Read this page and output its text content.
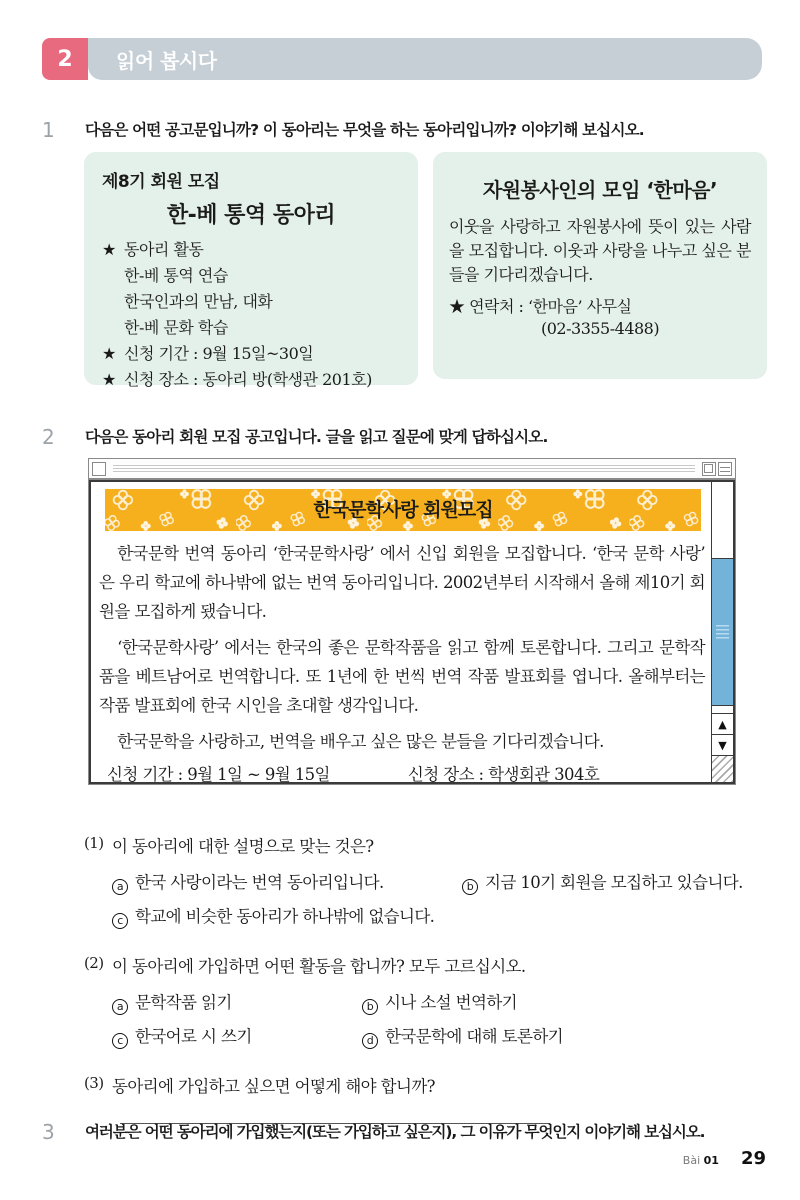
2	읽어 봅시다
1	다음은 어떤 공고문입니까? 이 동아리는 무엇을 하는 동아리입니까? 이야기해 보십시오.
제8기 회원 모집
한-베 통역 동아리
★ 동아리 활동
한-베 통역 연습
한국인과의 만남, 대화
한-베 문화 학습
★ 신청 기간 : 9월 15일~30일
★ 신청 장소 : 동아리 방(학생관 201호)
자원봉사인의 모임 ‘한마음’
이웃을 사랑하고 자원봉사에 뜻이 있는 사람을 모집합니다. 이웃과 사랑을 나누고 싶은 분들을 기다리겠습니다.
★ 연락처 : ‘한마음’ 사무실
(02-3355-4488)
2	다음은 동아리 회원 모집 공고입니다. 글을 읽고 질문에 맞게 답하십시오.
한국문학사랑 회원모집

한국문학 번역 동아리 ‘한국문학사랑’ 에서 신입 회원을 모집합니다. ‘한국 문학 사랑’ 은 우리 학교에 하나밖에 없는 번역 동아리입니다. 2002년부터 시작해서 올해 제10기 회원을 모집하게 됐습니다.

‘한국문학사랑’ 에서는 한국의 좋은 문학작품을 읽고 함께 토론합니다. 그리고 문학작품을 베트남어로 번역합니다. 또 1년에 한 번씩 번역 작품 발표회를 엽니다. 올해부터는 작품 발표회에 한국 시인을 초대할 생각입니다.

한국문학을 사랑하고, 번역을 배우고 싶은 많은 분들을 기다리겠습니다.

신청 기간 : 9월 1일 ~ 9월 15일	신청 장소 : 학생회관 304호
▲
▼
(1) 이 동아리에 대한 설명으로 맞는 것은?
a 한국 사랑이라는 번역 동아리입니다.	b 지금 10기 회원을 모집하고 있습니다.
c 학교에 비슷한 동아리가 하나밖에 없습니다.
(2) 이 동아리에 가입하면 어떤 활동을 합니까? 모두 고르십시오.
a 문학작품 읽기	b 시나 소설 번역하기
c 한국어로 시 쓰기	d 한국문학에 대해 토론하기
(3) 동아리에 가입하고 싶으면 어떻게 해야 합니까?
3	여러분은 어떤 동아리에 가입했는지(또는 가입하고 싶은지), 그 이유가 무엇인지 이야기해 보십시오.
Bài 01 29
